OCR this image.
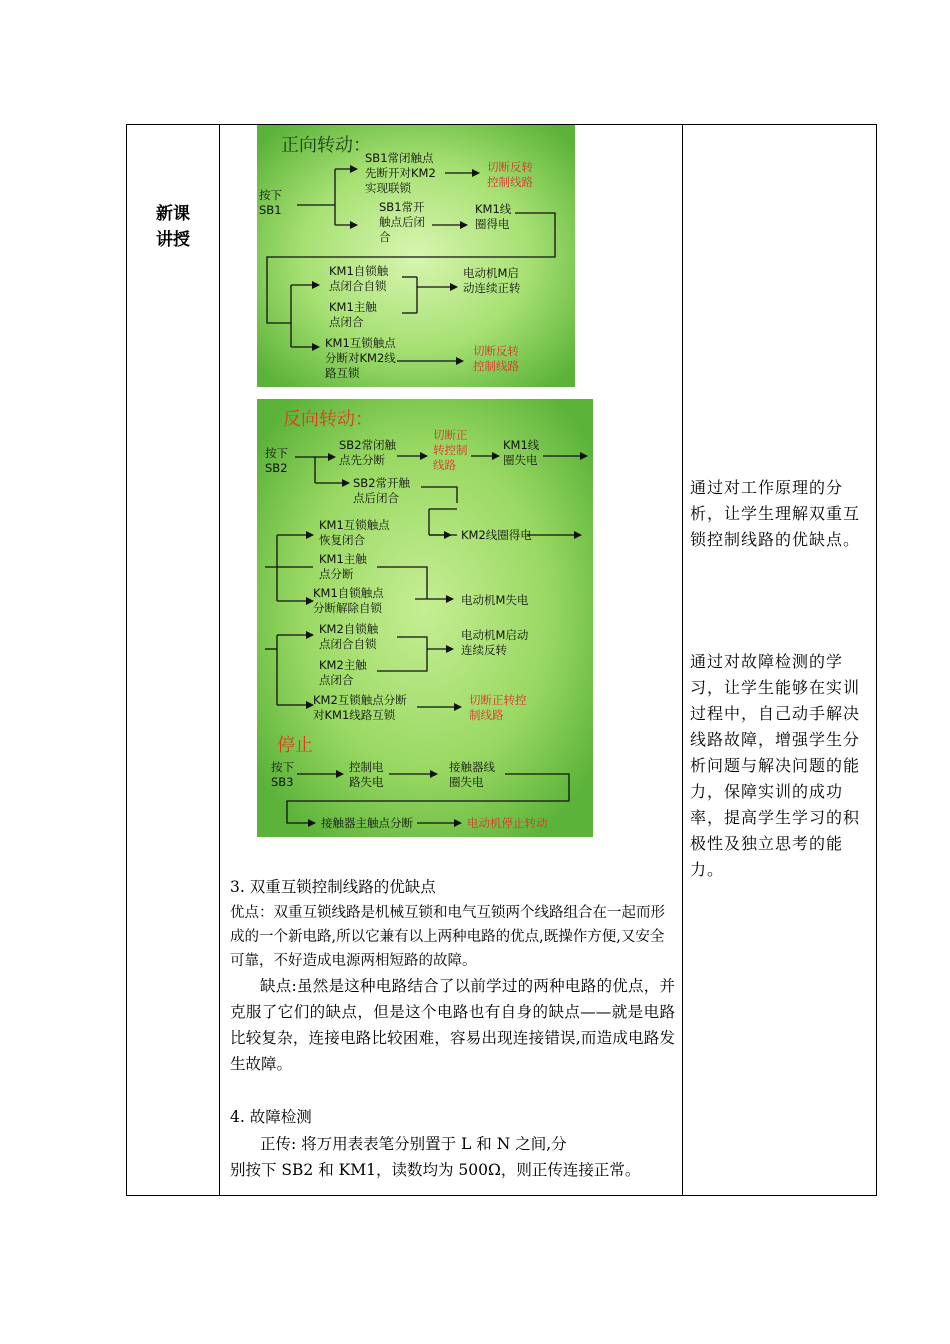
新课
讲授
正向转动：
按下 SB1
SB1常闭触点先断开对KM2 实现联锁
切断反转控制线路
SB1常开触点后闭合
KM1线圈得电
KM1自锁触点闭合自锁
电动机M启动连续正转
KM1主触点闭合
KM1互锁触点分断对KM2线路互锁
切断反转控制线路
反向转动：
按下 SB2
SB2常闭触点先分断
切断正转控制线路
KM1线圈失电
SB2常开触点后闭合
KM1互锁触点恢复闭合	KM2线圈得电
KM1主触点分断
KM1自锁触点分断解除自锁
电动机M失电
KM2自锁触点闭合自锁
电动机M启动连续反转
KM2主触点闭合
KM2互锁触点分断对KM1线路互锁
切断正转控制线路
停止
按下 SB3
控制电路失电
接触器线圈失电
接触器主触点分断	电动机停止转动

3. 双重互锁控制线路的优缺点

优点：双重互锁线路是机械互锁和电气互锁两个线路组合在一起而形成的一个新电路,所以它兼有以上两种电路的优点,既操作方便,又安全可靠，不好造成电源两相短路的故障。

缺点:虽然是这种电路结合了以前学过的两种电路的优点，并克服了它们的缺点，但是这个电路也有自身的缺点——就是电路比较复杂，连接电路比较困难，容易出现连接错误,而造成电路发生故障。

4. 故障检测

正传: 将万用表表笔分别置于 L 和 N 之间,分

别按下 SB2 和 KM1，读数均为 500Ω，则正传连接正常。

通过对工作原理的分析，让学生理解双重互锁控制线路的优缺点。
通过对故障检测的学习，让学生能够在实训过程中，自己动手解决线路故障，增强学生分析问题与解决问题的能力，保障实训的成功率，提高学生学习的积极性及独立思考的能力。
